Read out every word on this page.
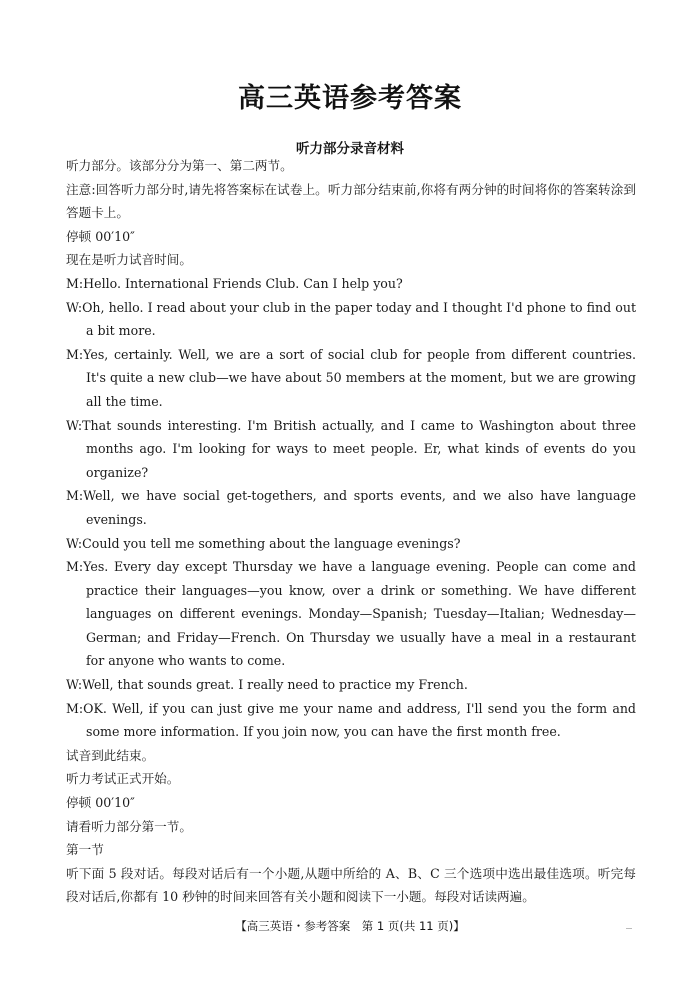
高三英语参考答案
听力部分录音材料

听力部分。该部分分为第一、第二两节。

注意:回答听力部分时,请先将答案标在试卷上。听力部分结束前,你将有两分钟的时间将你的答案转涂到答题卡上。

停顿 00′10″

现在是听力试音时间。

M:Hello. International Friends Club. Can I help you?

W:Oh, hello. I read about your club in the paper today and I thought I'd phone to find out a bit more.

M:Yes, certainly. Well, we are a sort of social club for people from different countries. It's quite a new club—we have about 50 members at the moment, but we are growing all the time.

W:That sounds interesting. I'm British actually, and I came to Washington about three months ago. I'm looking for ways to meet people. Er, what kinds of events do you organize?

M:Well, we have social get-togethers, and sports events, and we also have language evenings.

W:Could you tell me something about the language evenings?

M:Yes. Every day except Thursday we have a language evening. People can come and practice their languages—you know, over a drink or something. We have different languages on different evenings. Monday—Spanish; Tuesday—Italian; Wednesday—German; and Friday—French. On Thursday we usually have a meal in a restaurant for anyone who wants to come.

W:Well, that sounds great. I really need to practice my French.

M:OK. Well, if you can just give me your name and address, I'll send you the form and some more information. If you join now, you can have the first month free.

试音到此结束。

听力考试正式开始。

停顿 00′10″

请看听力部分第一节。

第一节

听下面 5 段对话。每段对话后有一个小题,从题中所给的 A、B、C 三个选项中选出最佳选项。听完每段对话后,你都有 10 秒钟的时间来回答有关小题和阅读下一小题。每段对话读两遍。

【高三英语・参考答案　第 1 页(共 11 页)】
